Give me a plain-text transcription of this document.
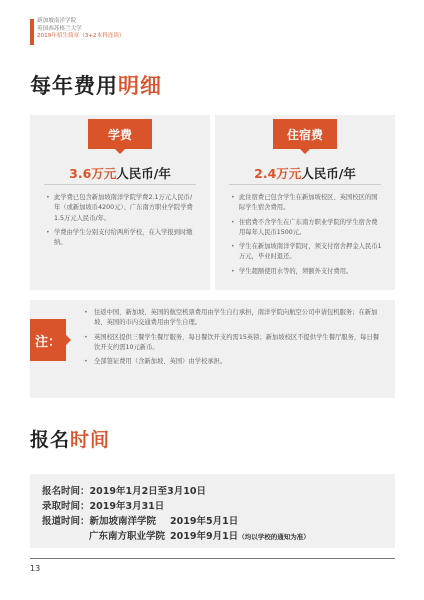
新加坡南洋学院
英国西苏格兰大学
2019年招生简章（3+2本科连读）
每年费用明细
学费
3.6万元人民币/年
• 此学费已包含新加坡南洋学院学费2.1万元人民币/年（或新加坡币4200元）、广东南方职业学院学费1.5万元人民币/年。
• 学费由学生分别支付给两所学校，在入学报到时缴纳。
住宿费
2.4万元人民币/年
• 此住宿费已包含学生在新加坡校区、英国校区的国际学生宿舍费用。
• 住宿费不含学生在广东南方职业学院的学生宿舍费用每年人民币1500元。
• 学生在新加坡南洋学院时，须支付宿舍押金人民币1万元，毕业时退还。
• 学生超额使用水等的，须额外支付费用。
注：
• 往返中国、新加坡、英国的航空机票费用由学生自行承担，南洋学院向航空公司申请包机服务；在新加坡、英国的市内交通费用由学生自理。
• 英国校区提供三餐学生餐厅服务，每日餐饮开支约需15英镑；新加坡校区不提供学生餐厅服务，每日餐饮开支约需10元新币。
• 全部签证费用（含新加坡、英国）由学校承担。
报名时间
报名时间：2019年1月2日至3月10日
录取时间：2019年3月31日
报道时间：新加坡南洋学院 2019年5月1日
广东南方职业学院 2019年9月1日（均以学校的通知为准）
13
